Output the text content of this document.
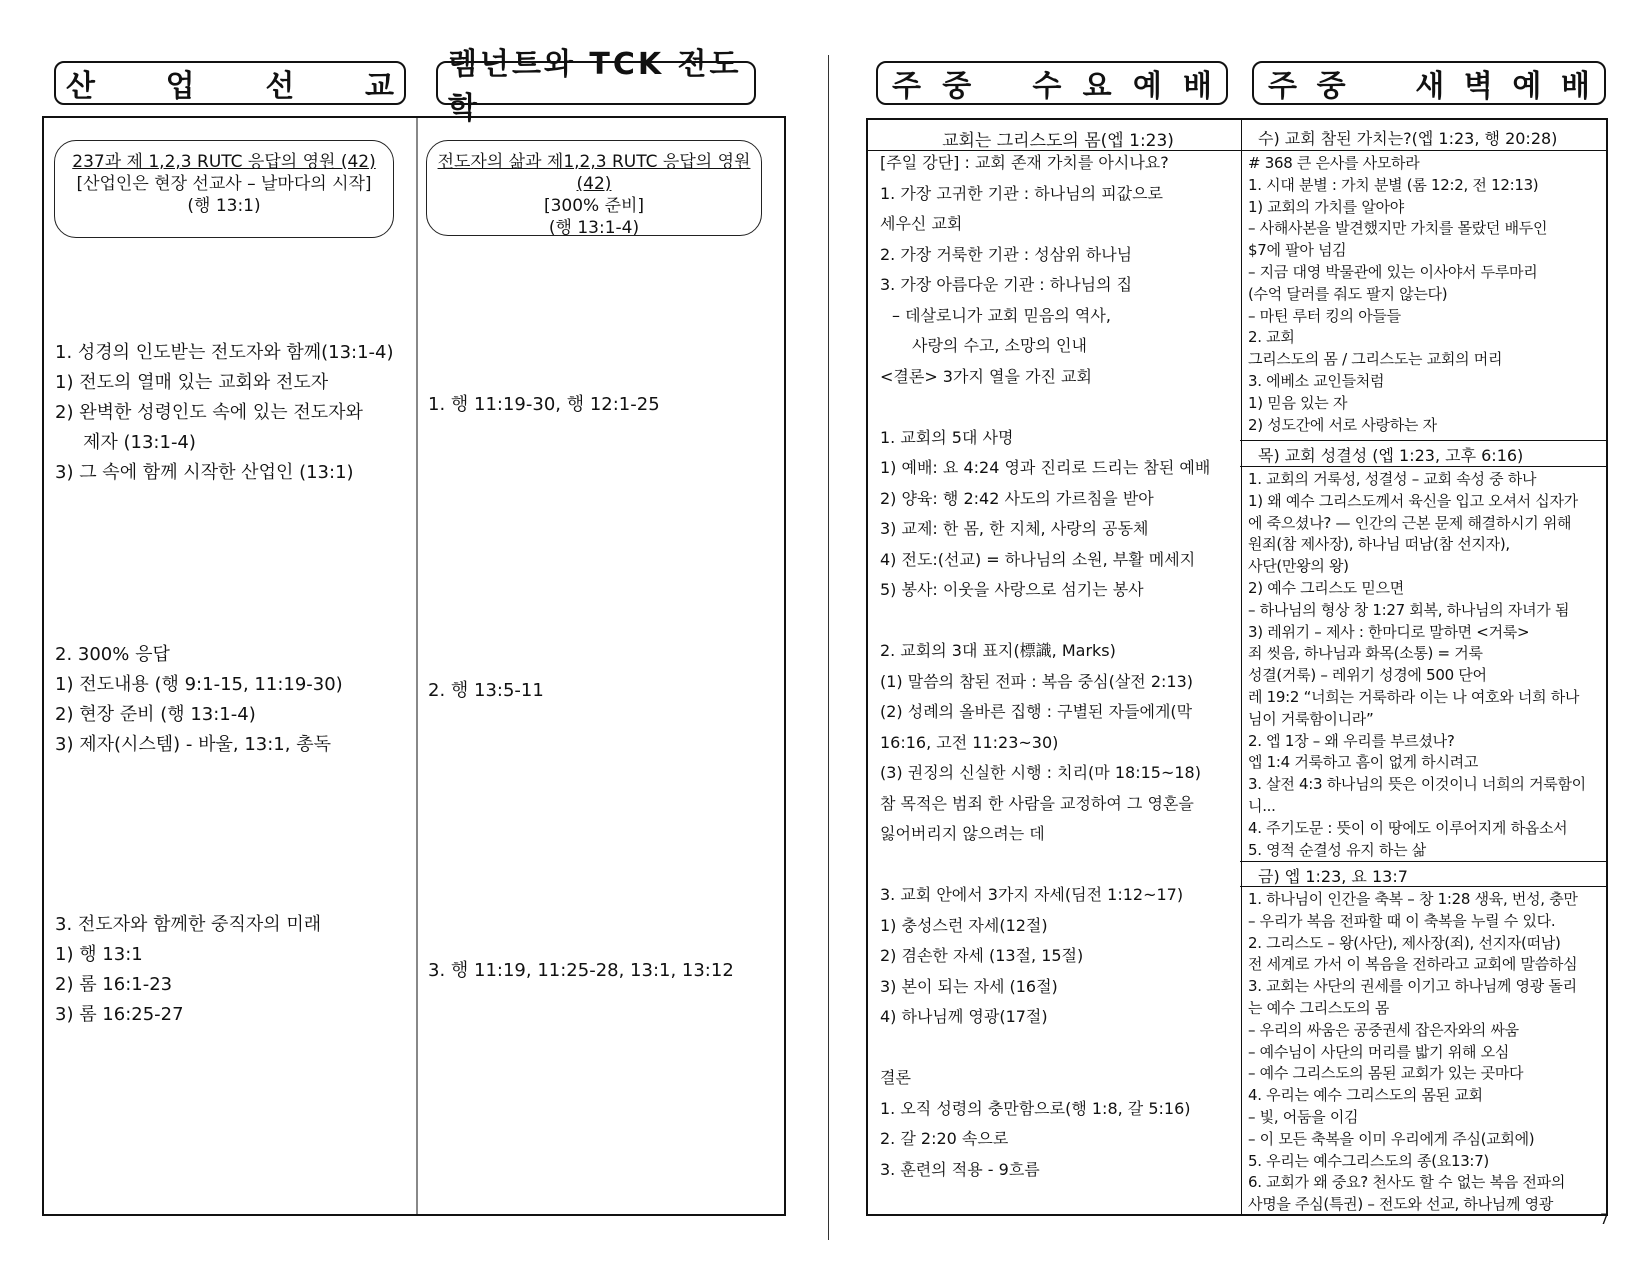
산 업 선 교
렘넌트와 TCK 전도학
주 중 수 요 예 배 주 중 새 벽 예 배
237과 제 1,2,3 RUTC 응답의 영원 (42)
[산업인은 현장 선교사 – 날마다의 시작]
(행 13:1)
전도자의 삶과 제1,2,3 RUTC 응답의 영원 (42)
[300% 준비]
(행 13:1-4)
1. 성경의 인도받는 전도자와 함께(13:1-4)
1) 전도의 열매 있는 교회와 전도자
2) 완벽한 성령인도 속에 있는 전도자와
제자 (13:1-4)
3) 그 속에 함께 시작한 산업인 (13:1)
2. 300% 응답
1) 전도내용 (행 9:1-15, 11:19-30)
2) 현장 준비 (행 13:1-4)
3) 제자(시스템) - 바울, 13:1, 총독
3. 전도자와 함께한 중직자의 미래
1) 행 13:1
2) 롬 16:1-23
3) 롬 16:25-27
1. 행 11:19-30, 행 12:1-25
2. 행 13:5-11
3. 행 11:19, 11:25-28, 13:1, 13:12
교회는 그리스도의 몸(엡 1:23)	수) 교회 참된 가치는?(엡 1:23, 행 20:28)
[주일 강단] : 교회 존재 가치를 아시나요?
1. 가장 고귀한 기관 : 하나님의 피값으로
세우신 교회
2. 가장 거룩한 기관 : 성삼위 하나님
3. 가장 아름다운 기관 : 하나님의 집
– 데살로니가 교회 믿음의 역사,
사랑의 수고, 소망의 인내
<결론> 3가지 열을 가진 교회

1. 교회의 5대 사명
1) 예배: 요 4:24 영과 진리로 드리는 참된 예배
2) 양육: 행 2:42 사도의 가르침을 받아
3) 교제: 한 몸, 한 지체, 사랑의 공동체
4) 전도:(선교) = 하나님의 소원, 부활 메세지
5) 봉사: 이웃을 사랑으로 섬기는 봉사

2. 교회의 3대 표지(標識, Marks)
(1) 말씀의 참된 전파 : 복음 중심(살전 2:13)
(2) 성례의 올바른 집행 : 구별된 자들에게(막
16:16, 고전 11:23~30)
(3) 권징의 신실한 시행 : 치리(마 18:15~18)
참 목적은 범죄 한 사람을 교정하여 그 영혼을
잃어버리지 않으려는 데

3. 교회 안에서 3가지 자세(딤전 1:12~17)
1) 충성스런 자세(12절)
2) 겸손한 자세 (13절, 15절)
3) 본이 되는 자세 (16절)
4) 하나님께 영광(17절)

결론
1. 오직 성령의 충만함으로(행 1:8, 갈 5:16)
2. 갈 2:20 속으로
3. 훈련의 적용 - 9흐름
# 368 큰 은사를 사모하라
1. 시대 분별 : 가치 분별 (롬 12:2, 전 12:13)
1) 교회의 가치를 알아야
– 사해사본을 발견했지만 가치를 몰랐던 배두인
$7에 팔아 넘김
– 지금 대영 박물관에 있는 이사야서 두루마리
(수억 달러를 줘도 팔지 않는다)
– 마틴 루터 킹의 아들들
2. 교회
그리스도의 몸 / 그리스도는 교회의 머리
3. 에베소 교인들처럼
1) 믿음 있는 자
2) 성도간에 서로 사랑하는 자
목) 교회 성결성 (엡 1:23, 고후 6:16)
1. 교회의 거룩성, 성결성 – 교회 속성 중 하나
1) 왜 예수 그리스도께서 육신을 입고 오셔서 십자가
에 죽으셨나? — 인간의 근본 문제 해결하시기 위해
원죄(참 제사장), 하나님 떠남(참 선지자),
사단(만왕의 왕)
2) 예수 그리스도 믿으면
– 하나님의 형상 창 1:27 회복, 하나님의 자녀가 됨
3) 레위기 – 제사 : 한마디로 말하면 <거룩>
죄 씻음, 하나님과 화목(소통) = 거룩
성결(거룩) – 레위기 성경에 500 단어
레 19:2 “너희는 거룩하라 이는 나 여호와 너희 하나
님이 거룩함이니라”
2. 엡 1장 – 왜 우리를 부르셨나?
엡 1:4 거룩하고 흠이 없게 하시려고
3. 살전 4:3 하나님의 뜻은 이것이니 너희의 거룩함이
니...
4. 주기도문 : 뜻이 이 땅에도 이루어지게 하옵소서
5. 영적 순결성 유지 하는 삶
금) 엡 1:23, 요 13:7
1. 하나님이 인간을 축복 – 창 1:28 생육, 번성, 충만
– 우리가 복음 전파할 때 이 축복을 누릴 수 있다.
2. 그리스도 – 왕(사단), 제사장(죄), 선지자(떠남)
전 세계로 가서 이 복음을 전하라고 교회에 말씀하심
3. 교회는 사단의 권세를 이기고 하나님께 영광 돌리
는 예수 그리스도의 몸
– 우리의 싸움은 공중권세 잡은자와의 싸움
– 예수님이 사단의 머리를 밟기 위해 오심
– 예수 그리스도의 몸된 교회가 있는 곳마다
4. 우리는 예수 그리스도의 몸된 교회
– 빛, 어둠을 이김
– 이 모든 축복을 이미 우리에게 주심(교회에)
5. 우리는 예수그리스도의 종(요13:7)
6. 교회가 왜 중요? 천사도 할 수 없는 복음 전파의
사명을 주심(특권) – 전도와 선교, 하나님께 영광
7
